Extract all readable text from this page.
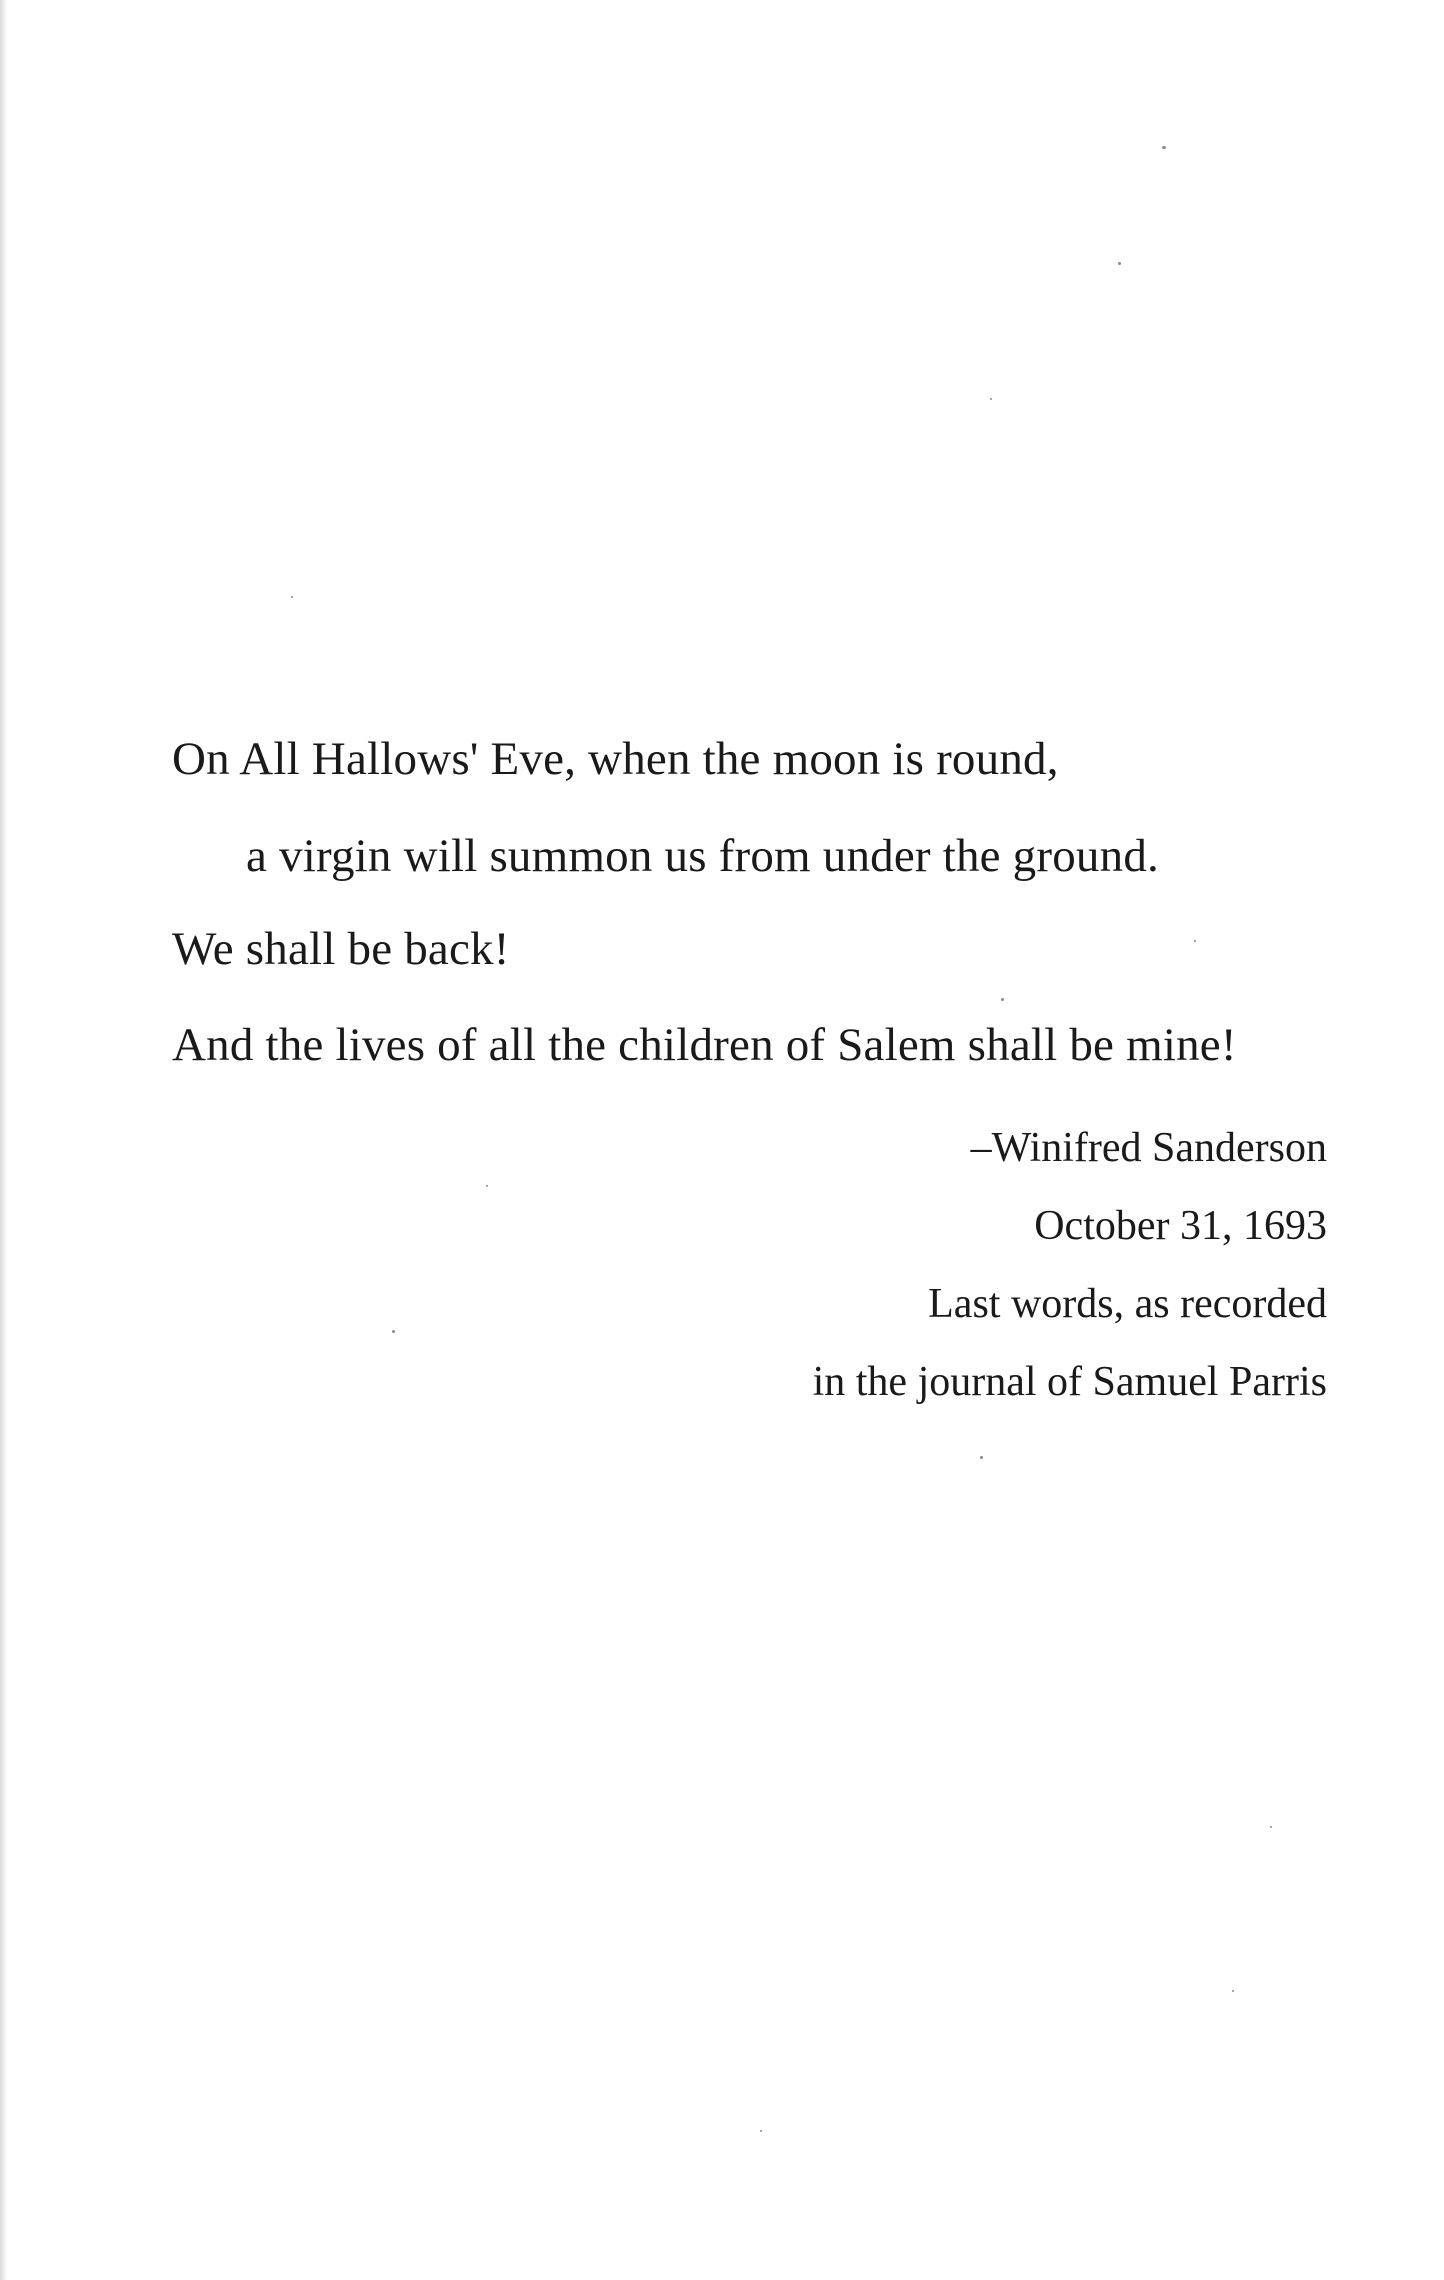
On All Hallows' Eve, when the moon is round,
a virgin will summon us from under the ground.
We shall be back!
And the lives of all the children of Salem shall be mine!
–Winifred Sanderson
October 31, 1693
Last words, as recorded
in the journal of Samuel Parris
